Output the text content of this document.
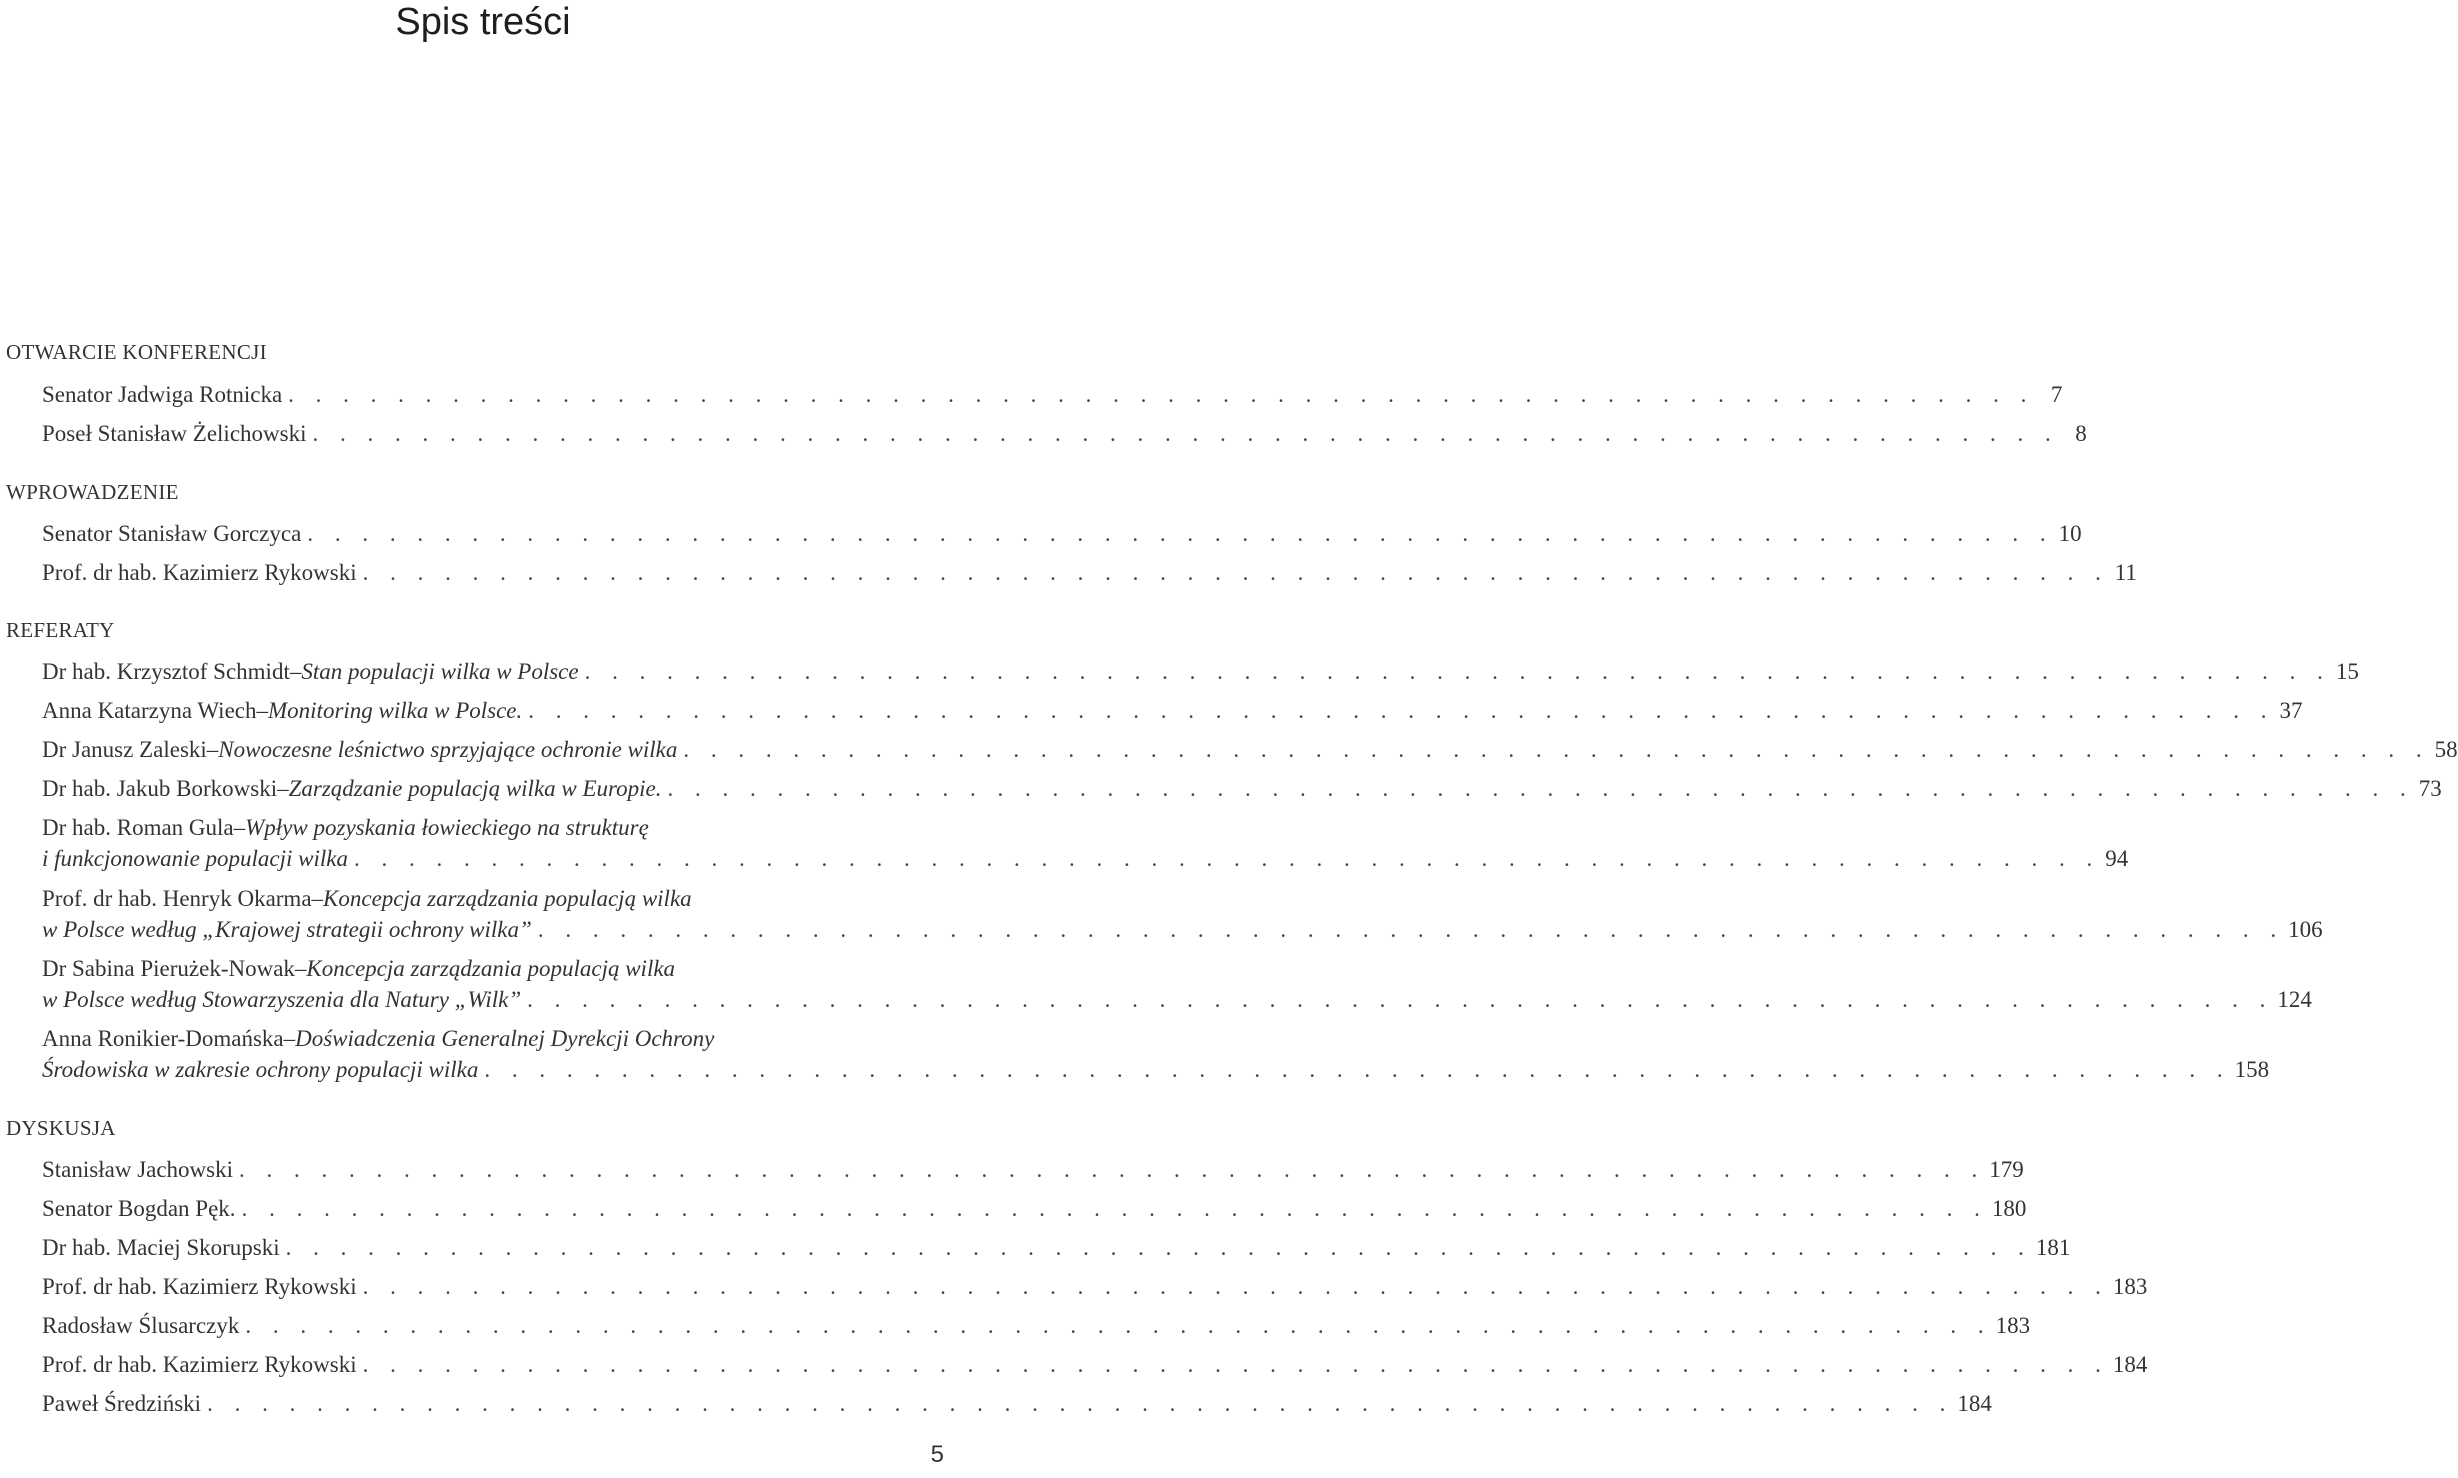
Spis treści
OTWARCIE KONFERENCJI
Senator Jadwiga Rotnicka . . . . . . . . . . . . . . . . . . . . . . . . . . . . . . . . . . . . . . . . . . . . . . . . . . . . . . . . . . . . . . . . 7
Poseł Stanisław Żelichowski . . . . . . . . . . . . . . . . . . . . . . . . . . . . . . . . . . . . . . . . . . . . . . . . . . . . . . . . . . . . . . . . 8
WPROWADZENIE
Senator Stanisław Gorczyca . . . . . . . . . . . . . . . . . . . . . . . . . . . . . . . . . . . . . . . . . . . . . . . . . . . . . . . . . . . . . . . . 10
Prof. dr hab. Kazimierz Rykowski . . . . . . . . . . . . . . . . . . . . . . . . . . . . . . . . . . . . . . . . . . . . . . . . . . . . . . . . . . . . . . . . 11
REFERATY
Dr hab. Krzysztof Schmidt – Stan populacji wilka w Polsce . . . . . . . . . . . . . . . . . . . . . . . . . . . . . . . . . . . . . . . . . . . . . . . . . . . . . . . . . . . . . . . . 15
Anna Katarzyna Wiech – Monitoring wilka w Polsce. . . . . . . . . . . . . . . . . . . . . . . . . . . . . . . . . . . . . . . . . . . . . . . . . . . . . . . . . . . . . . . . . 37
Dr Janusz Zaleski – Nowoczesne leśnictwo sprzyjające ochronie wilka . . . . . . . . . . . . . . . . . . . . . . . . . . . . . . . . . . . . . . . . . . . . . . . . . . . . . . . . . . . . . . . . 58
Dr hab. Jakub Borkowski – Zarządzanie populacją wilka w Europie. . . . . . . . . . . . . . . . . . . . . . . . . . . . . . . . . . . . . . . . . . . . . . . . . . . . . . . . . . . . . . . . . 73
Dr hab. Roman Gula – Wpływ pozyskania łowieckiego na strukturę
i funkcjonowanie populacji wilka . . . . . . . . . . . . . . . . . . . . . . . . . . . . . . . . . . . . . . . . . . . . . . . . . . . . . . . . . . . . . . . . 94
Prof. dr hab. Henryk Okarma – Koncepcja zarządzania populacją wilka
w Polsce według „Krajowej strategii ochrony wilka” . . . . . . . . . . . . . . . . . . . . . . . . . . . . . . . . . . . . . . . . . . . . . . . . . . . . . . . . . . . . . . . . 106
Dr Sabina Pierużek-Nowak – Koncepcja zarządzania populacją wilka
w Polsce według Stowarzyszenia dla Natury „Wilk” . . . . . . . . . . . . . . . . . . . . . . . . . . . . . . . . . . . . . . . . . . . . . . . . . . . . . . . . . . . . . . . . 124
Anna Ronikier-Domańska – Doświadczenia Generalnej Dyrekcji Ochrony
Środowiska w zakresie ochrony populacji wilka . . . . . . . . . . . . . . . . . . . . . . . . . . . . . . . . . . . . . . . . . . . . . . . . . . . . . . . . . . . . . . . . 158
DYSKUSJA
Stanisław Jachowski . . . . . . . . . . . . . . . . . . . . . . . . . . . . . . . . . . . . . . . . . . . . . . . . . . . . . . . . . . . . . . . . 179
Senator Bogdan Pęk. . . . . . . . . . . . . . . . . . . . . . . . . . . . . . . . . . . . . . . . . . . . . . . . . . . . . . . . . . . . . . . . . 180
Dr hab. Maciej Skorupski . . . . . . . . . . . . . . . . . . . . . . . . . . . . . . . . . . . . . . . . . . . . . . . . . . . . . . . . . . . . . . . . 181
Prof. dr hab. Kazimierz Rykowski . . . . . . . . . . . . . . . . . . . . . . . . . . . . . . . . . . . . . . . . . . . . . . . . . . . . . . . . . . . . . . . . 183
Radosław Ślusarczyk . . . . . . . . . . . . . . . . . . . . . . . . . . . . . . . . . . . . . . . . . . . . . . . . . . . . . . . . . . . . . . . . 183
Prof. dr hab. Kazimierz Rykowski . . . . . . . . . . . . . . . . . . . . . . . . . . . . . . . . . . . . . . . . . . . . . . . . . . . . . . . . . . . . . . . . 184
Paweł Średziński . . . . . . . . . . . . . . . . . . . . . . . . . . . . . . . . . . . . . . . . . . . . . . . . . . . . . . . . . . . . . . . . 184
5
